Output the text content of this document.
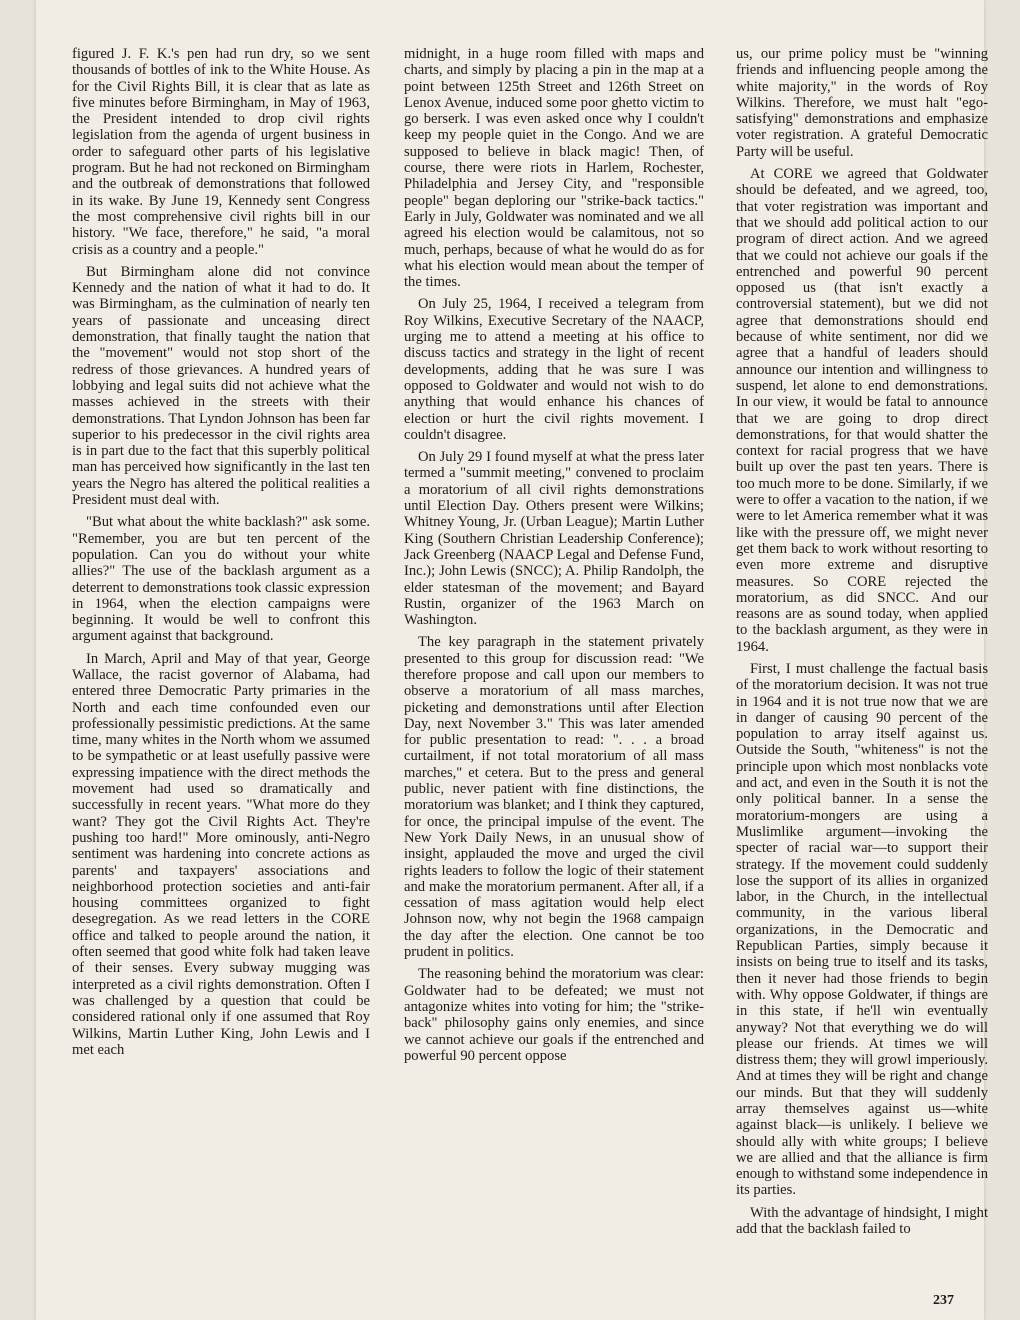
figured J. F. K.'s pen had run dry, so we sent thousands of bottles of ink to the White House. As for the Civil Rights Bill, it is clear that as late as five minutes before Birmingham, in May of 1963, the President intended to drop civil rights legislation from the agenda of urgent business in order to safeguard other parts of his legislative program. But he had not reckoned on Birmingham and the outbreak of demonstrations that followed in its wake. By June 19, Kennedy sent Congress the most comprehensive civil rights bill in our history. "We face, therefore," he said, "a moral crisis as a country and a people."

But Birmingham alone did not convince Kennedy and the nation of what it had to do. It was Birmingham, as the culmination of nearly ten years of passionate and unceasing direct demonstration, that finally taught the nation that the "movement" would not stop short of the redress of those grievances. A hundred years of lobbying and legal suits did not achieve what the masses achieved in the streets with their demonstrations. That Lyndon Johnson has been far superior to his predecessor in the civil rights area is in part due to the fact that this superbly political man has perceived how significantly in the last ten years the Negro has altered the political realities a President must deal with.

"But what about the white backlash?" ask some. "Remember, you are but ten percent of the population. Can you do without your white allies?" The use of the backlash argument as a deterrent to demonstrations took classic expression in 1964, when the election campaigns were beginning. It would be well to confront this argument against that background.

In March, April and May of that year, George Wallace, the racist governor of Alabama, had entered three Democratic Party primaries in the North and each time confounded even our professionally pessimistic predictions. At the same time, many whites in the North whom we assumed to be sympathetic or at least usefully passive were expressing impatience with the direct methods the movement had used so dramatically and successfully in recent years. "What more do they want? They got the Civil Rights Act. They're pushing too hard!" More ominously, anti-Negro sentiment was hardening into concrete actions as parents' and taxpayers' associations and neighborhood protection societies and anti-fair housing committees organized to fight desegregation. As we read letters in the CORE office and talked to people around the nation, it often seemed that good white folk had taken leave of their senses. Every subway mugging was interpreted as a civil rights demonstration. Often I was challenged by a question that could be considered rational only if one assumed that Roy Wilkins, Martin Luther King, John Lewis and I met each

midnight, in a huge room filled with maps and charts, and simply by placing a pin in the map at a point between 125th Street and 126th Street on Lenox Avenue, induced some poor ghetto victim to go berserk. I was even asked once why I couldn't keep my people quiet in the Congo. And we are supposed to believe in black magic! Then, of course, there were riots in Harlem, Rochester, Philadelphia and Jersey City, and "responsible people" began deploring our "strike-back tactics." Early in July, Goldwater was nominated and we all agreed his election would be calamitous, not so much, perhaps, because of what he would do as for what his election would mean about the temper of the times.

On July 25, 1964, I received a telegram from Roy Wilkins, Executive Secretary of the NAACP, urging me to attend a meeting at his office to discuss tactics and strategy in the light of recent developments, adding that he was sure I was opposed to Goldwater and would not wish to do anything that would enhance his chances of election or hurt the civil rights movement. I couldn't disagree.

On July 29 I found myself at what the press later termed a "summit meeting," convened to proclaim a moratorium of all civil rights demonstrations until Election Day. Others present were Wilkins; Whitney Young, Jr. (Urban League); Martin Luther King (Southern Christian Leadership Conference); Jack Greenberg (NAACP Legal and Defense Fund, Inc.); John Lewis (SNCC); A. Philip Randolph, the elder statesman of the movement; and Bayard Rustin, organizer of the 1963 March on Washington.

The key paragraph in the statement privately presented to this group for discussion read: "We therefore propose and call upon our members to observe a moratorium of all mass marches, picketing and demonstrations until after Election Day, next November 3." This was later amended for public presentation to read: ". . . a broad curtailment, if not total moratorium of all mass marches," et cetera. But to the press and general public, never patient with fine distinctions, the moratorium was blanket; and I think they captured, for once, the principal impulse of the event. The New York Daily News, in an unusual show of insight, applauded the move and urged the civil rights leaders to follow the logic of their statement and make the moratorium permanent. After all, if a cessation of mass agitation would help elect Johnson now, why not begin the 1968 campaign the day after the election. One cannot be too prudent in politics.

The reasoning behind the moratorium was clear: Goldwater had to be defeated; we must not antagonize whites into voting for him; the "strike-back" philosophy gains only enemies, and since we cannot achieve our goals if the entrenched and powerful 90 percent oppose

us, our prime policy must be "winning friends and influencing people among the white majority," in the words of Roy Wilkins. Therefore, we must halt "ego-satisfying" demonstrations and emphasize voter registration. A grateful Democratic Party will be useful.

At CORE we agreed that Goldwater should be defeated, and we agreed, too, that voter registration was important and that we should add political action to our program of direct action. And we agreed that we could not achieve our goals if the entrenched and powerful 90 percent opposed us (that isn't exactly a controversial statement), but we did not agree that demonstrations should end because of white sentiment, nor did we agree that a handful of leaders should announce our intention and willingness to suspend, let alone to end demonstrations. In our view, it would be fatal to announce that we are going to drop direct demonstrations, for that would shatter the context for racial progress that we have built up over the past ten years. There is too much more to be done. Similarly, if we were to offer a vacation to the nation, if we were to let America remember what it was like with the pressure off, we might never get them back to work without resorting to even more extreme and disruptive measures. So CORE rejected the moratorium, as did SNCC. And our reasons are as sound today, when applied to the backlash argument, as they were in 1964.

First, I must challenge the factual basis of the moratorium decision. It was not true in 1964 and it is not true now that we are in danger of causing 90 percent of the population to array itself against us. Outside the South, "whiteness" is not the principle upon which most nonblacks vote and act, and even in the South it is not the only political banner. In a sense the moratorium-mongers are using a Muslimlike argument—invoking the specter of racial war—to support their strategy. If the movement could suddenly lose the support of its allies in organized labor, in the Church, in the intellectual community, in the various liberal organizations, in the Democratic and Republican Parties, simply because it insists on being true to itself and its tasks, then it never had those friends to begin with. Why oppose Goldwater, if things are in this state, if he'll win eventually anyway? Not that everything we do will please our friends. At times we will distress them; they will growl imperiously. And at times they will be right and change our minds. But that they will suddenly array themselves against us—white against black—is unlikely. I believe we should ally with white groups; I believe we are allied and that the alliance is firm enough to withstand some independence in its parties.

With the advantage of hindsight, I might add that the backlash failed to

237
